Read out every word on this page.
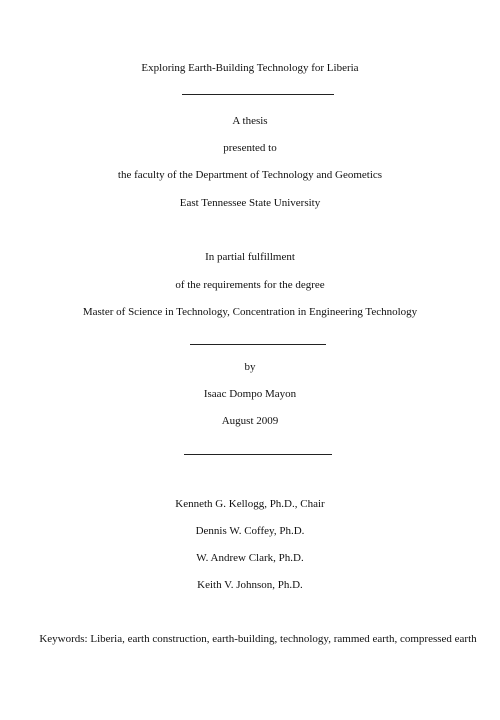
Exploring Earth-Building Technology for Liberia
A thesis
presented to
the faculty of the Department of Technology and Geometics
East Tennessee State University
In partial fulfillment
of the requirements for the degree
Master of Science in Technology, Concentration in Engineering Technology
by
Isaac Dompo Mayon
August 2009
Kenneth G. Kellogg, Ph.D., Chair
Dennis W. Coffey, Ph.D.
W. Andrew Clark, Ph.D.
Keith V. Johnson, Ph.D.
Keywords: Liberia, earth construction, earth-building, technology, rammed earth, compressed earth
